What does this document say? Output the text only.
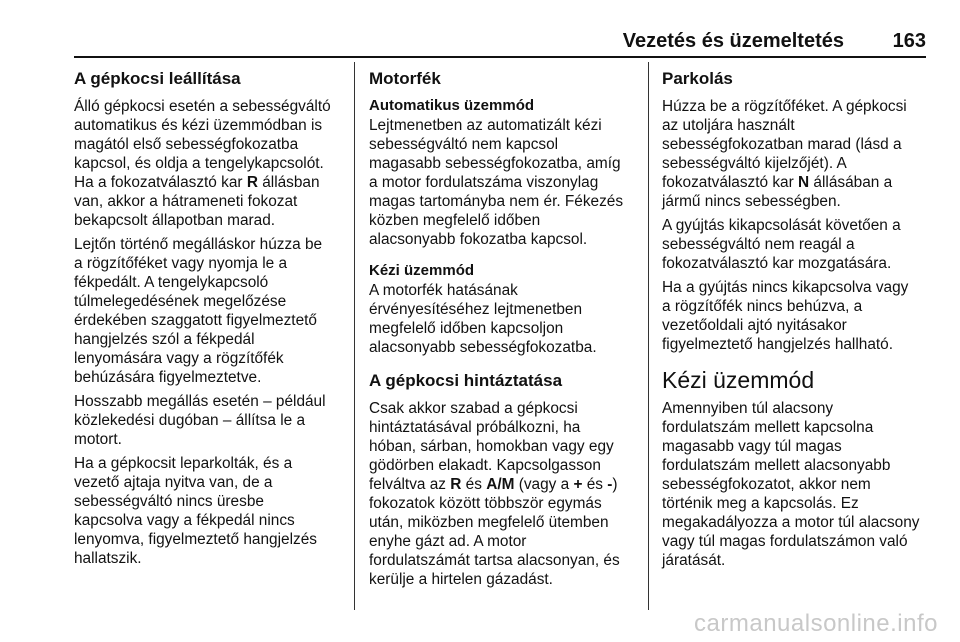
Vezetés és üzemeltetés 163
A gépkocsi leállítása

Álló gépkocsi esetén a sebességváltó
automatikus és kézi üzemmódban is
magától első sebességfokozatba
kapcsol, és oldja a tengelykapcsolót.
Ha a fokozatválasztó kar R állásban
van, akkor a hátrameneti fokozat
bekapcsolt állapotban marad.

Lejtőn történő megálláskor húzza be
a rögzítőféket vagy nyomja le a
fékpedált. A tengelykapcsoló
túlmelegedésének megelőzése
érdekében szaggatott figyelmeztető
hangjelzés szól a fékpedál
lenyomására vagy a rögzítőfék
behúzására figyelmeztetve.

Hosszabb megállás esetén – például
közlekedési dugóban – állítsa le a
motort.

Ha a gépkocsit leparkolták, és a
vezető ajtaja nyitva van, de a
sebességváltó nincs üresbe
kapcsolva vagy a fékpedál nincs
lenyomva, figyelmeztető hangjelzés
hallatszik.

Motorfék
Automatikus üzemmód

Lejtmenetben az automatizált kézi
sebességváltó nem kapcsol
magasabb sebességfokozatba, amíg
a motor fordulatszáma viszonylag
magas tartományba nem ér. Fékezés
közben megfelelő időben
alacsonyabb fokozatba kapcsol.

Kézi üzemmód

A motorfék hatásának
érvényesítéséhez lejtmenetben
megfelelő időben kapcsoljon
alacsonyabb sebességfokozatba.

A gépkocsi hintáztatása

Csak akkor szabad a gépkocsi
hintáztatásával próbálkozni, ha
hóban, sárban, homokban vagy egy
gödörben elakadt. Kapcsolgasson
felváltva az R és A/M (vagy a + és -)
fokozatok között többször egymás
után, miközben megfelelő ütemben
enyhe gázt ad. A motor
fordulatszámát tartsa alacsonyan, és
kerülje a hirtelen gázadást.

Parkolás

Húzza be a rögzítőféket. A gépkocsi
az utoljára használt
sebességfokozatban marad (lásd a
sebességváltó kijelzőjét). A
fokozatválasztó kar N állásában a
jármű nincs sebességben.

A gyújtás kikapcsolását követően a
sebességváltó nem reagál a
fokozatválasztó kar mozgatására.

Ha a gyújtás nincs kikapcsolva vagy
a rögzítőfék nincs behúzva, a
vezetőoldali ajtó nyitásakor
figyelmeztető hangjelzés hallható.

Kézi üzemmód

Amennyiben túl alacsony
fordulatszám mellett kapcsolna
magasabb vagy túl magas
fordulatszám mellett alacsonyabb
sebességfokozatot, akkor nem
történik meg a kapcsolás. Ez
megakadályozza a motor túl alacsony
vagy túl magas fordulatszámon való
járatását.

carmanualsonline.info
